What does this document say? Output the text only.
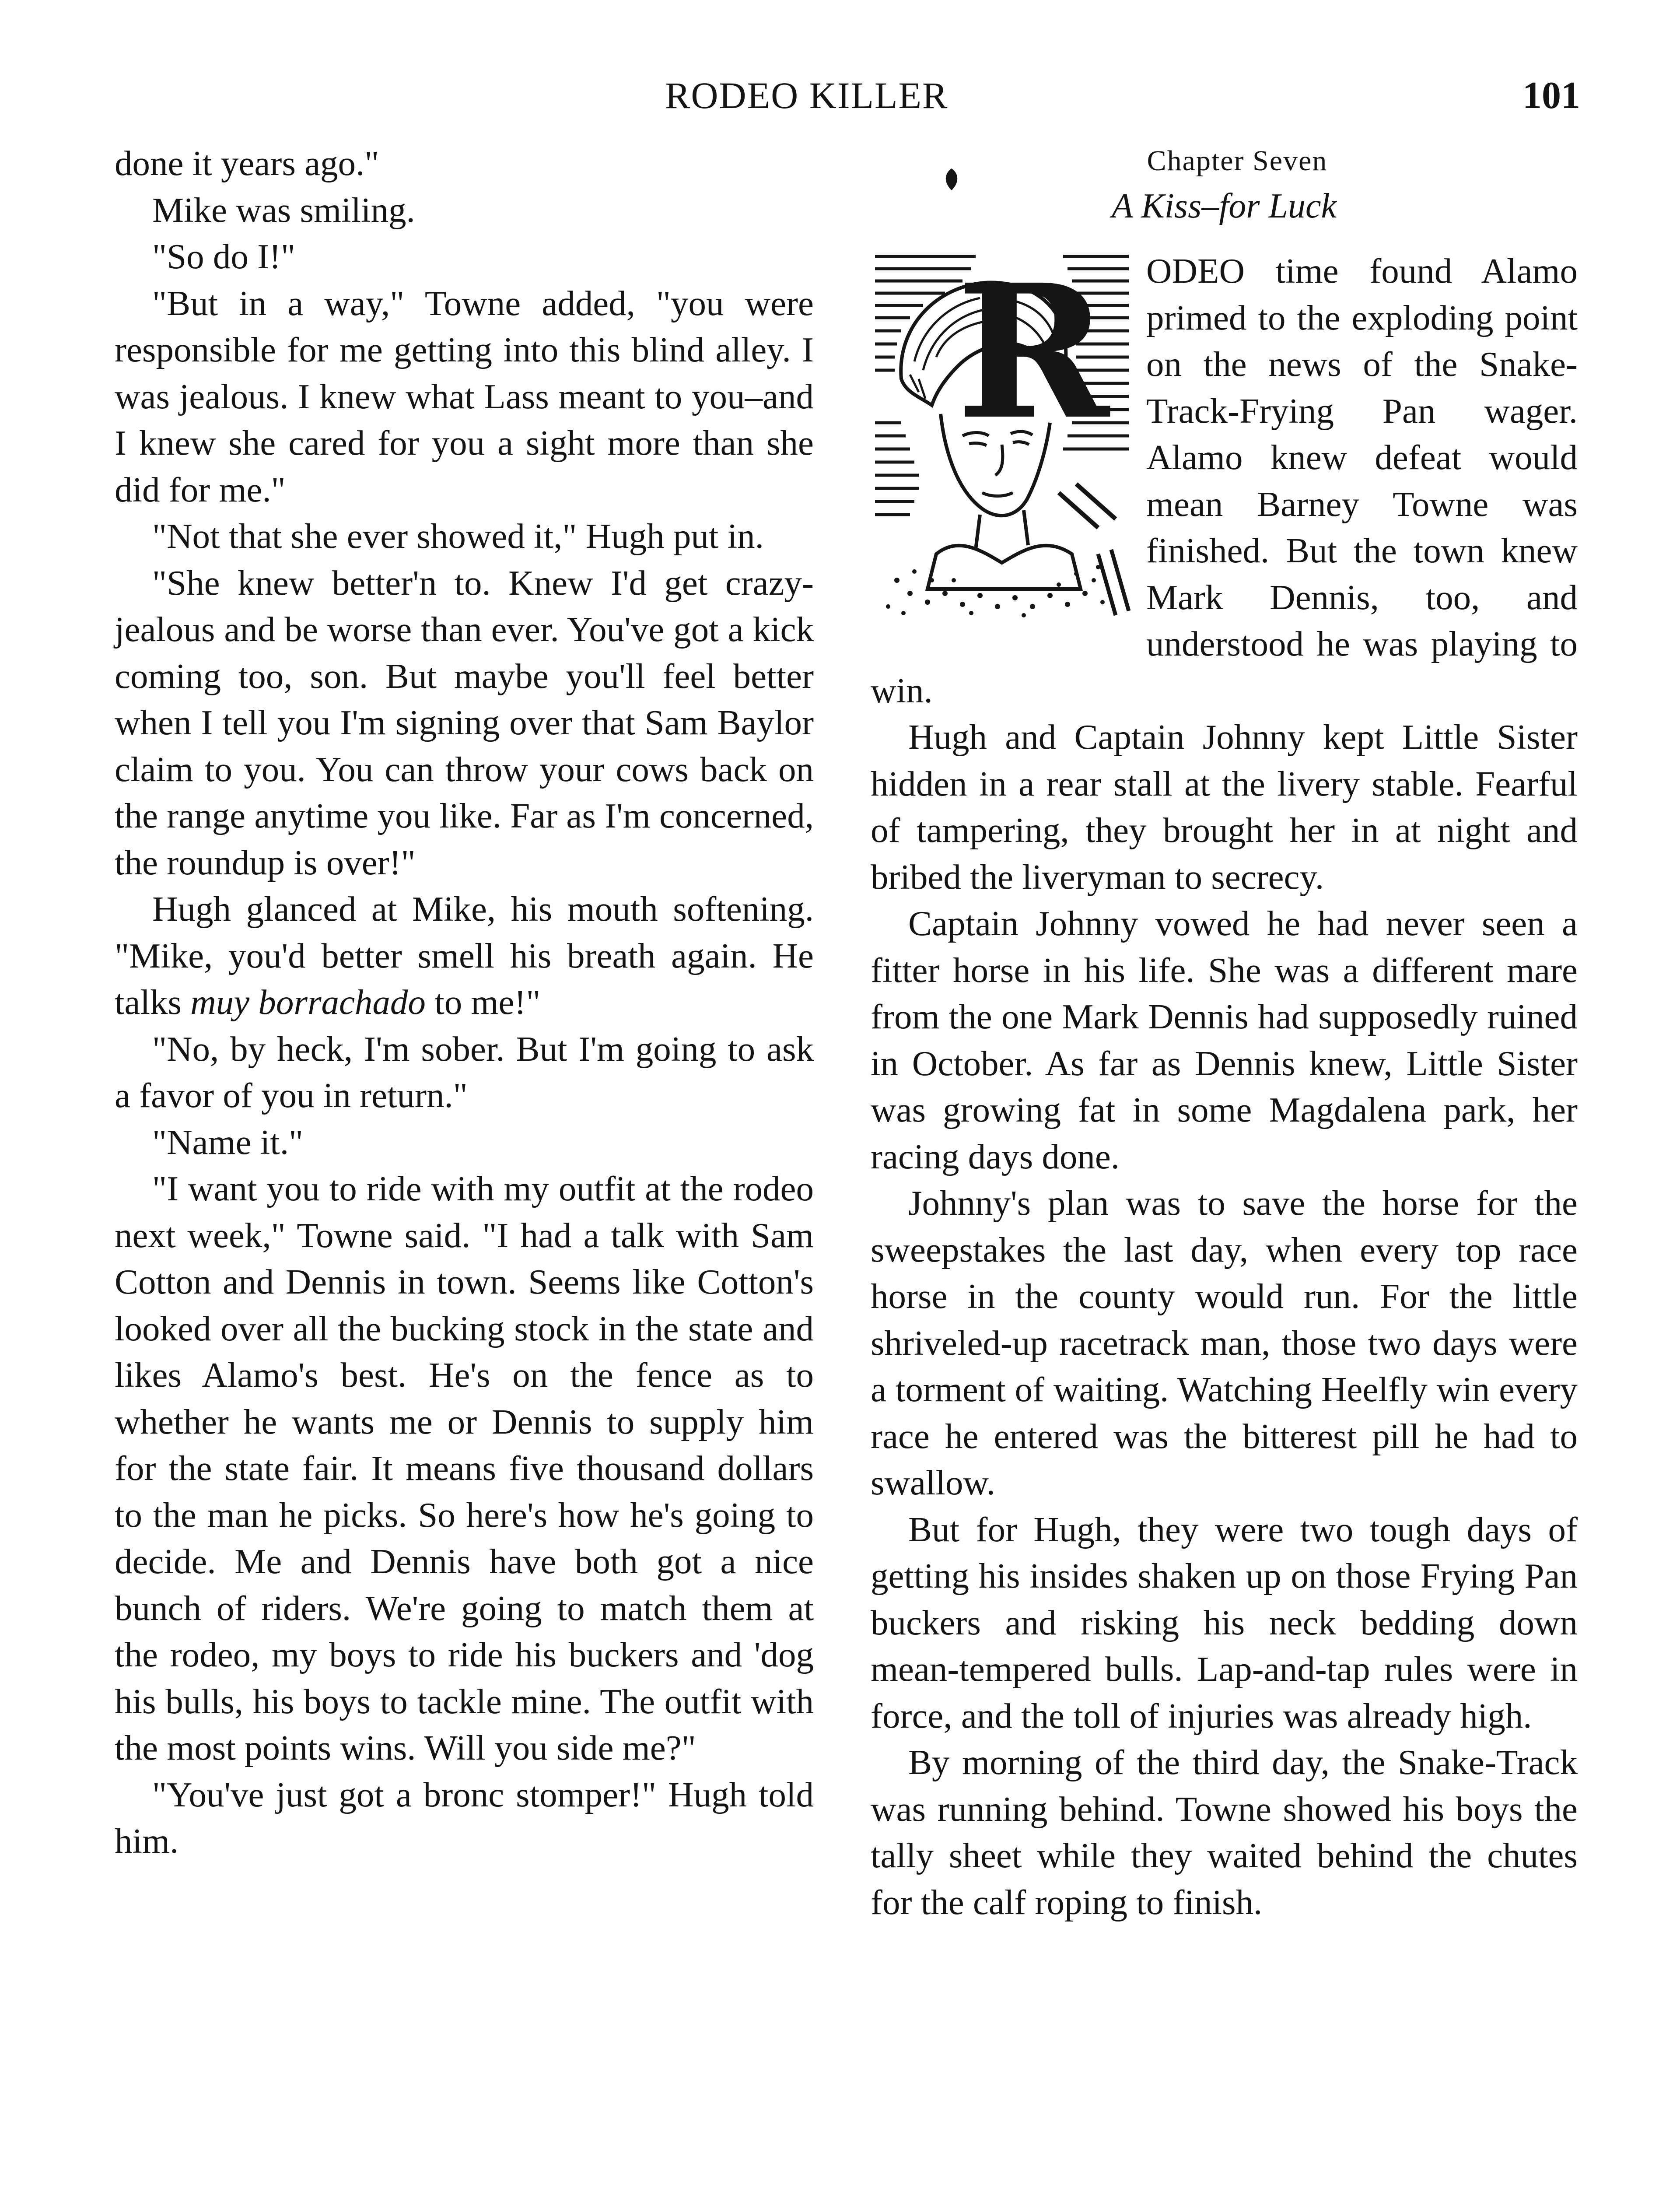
RODEO KILLER	101

done it years ago."

Mike was smiling.

"So do I!"

"But in a way," Towne added, "you were responsible for me getting into this blind alley. I was jealous. I knew what Lass meant to you–and I knew she cared for you a sight more than she did for me."

"Not that she ever showed it," Hugh put in.

"She knew better'n to. Knew I'd get crazy-jealous and be worse than ever. You've got a kick coming too, son. But maybe you'll feel better when I tell you I'm signing over that Sam Baylor claim to you. You can throw your cows back on the range anytime you like. Far as I'm concerned, the roundup is over!"

Hugh glanced at Mike, his mouth softening. "Mike, you'd better smell his breath again. He talks muy borrachado to me!"

"No, by heck, I'm sober. But I'm going to ask a favor of you in return."

"Name it."

"I want you to ride with my outfit at the rodeo next week," Towne said. "I had a talk with Sam Cotton and Dennis in town. Seems like Cotton's looked over all the bucking stock in the state and likes Alamo's best. He's on the fence as to whether he wants me or Dennis to supply him for the state fair. It means five thousand dollars to the man he picks. So here's how he's going to decide. Me and Dennis have both got a nice bunch of riders. We're going to match them at the rodeo, my boys to ride his buckers and 'dog his bulls, his boys to tackle mine. The outfit with the most points wins. Will you side me?"

"You've just got a bronc stomper!" Hugh told him.

Chapter Seven
A Kiss–for Luck
R	ODEO time found Alamo primed to the exploding point on the news of the Snake-Track-Frying Pan wager. Alamo knew defeat would mean Barney Towne was finished. But the town knew Mark Dennis, too, and understood he was playing to win.

Hugh and Captain Johnny kept Little Sister hidden in a rear stall at the livery stable. Fearful of tampering, they brought her in at night and bribed the liveryman to secrecy.

Captain Johnny vowed he had never seen a fitter horse in his life. She was a different mare from the one Mark Dennis had supposedly ruined in October. As far as Dennis knew, Little Sister was growing fat in some Magdalena park, her racing days done.

Johnny's plan was to save the horse for the sweepstakes the last day, when every top race horse in the county would run. For the little shriveled-up racetrack man, those two days were a torment of waiting. Watching Heelfly win every race he entered was the bitterest pill he had to swallow.

But for Hugh, they were two tough days of getting his insides shaken up on those Frying Pan buckers and risking his neck bedding down mean-tempered bulls. Lap-and-tap rules were in force, and the toll of injuries was already high.

By morning of the third day, the Snake-Track was running behind. Towne showed his boys the tally sheet while they waited behind the chutes for the calf roping to finish.
